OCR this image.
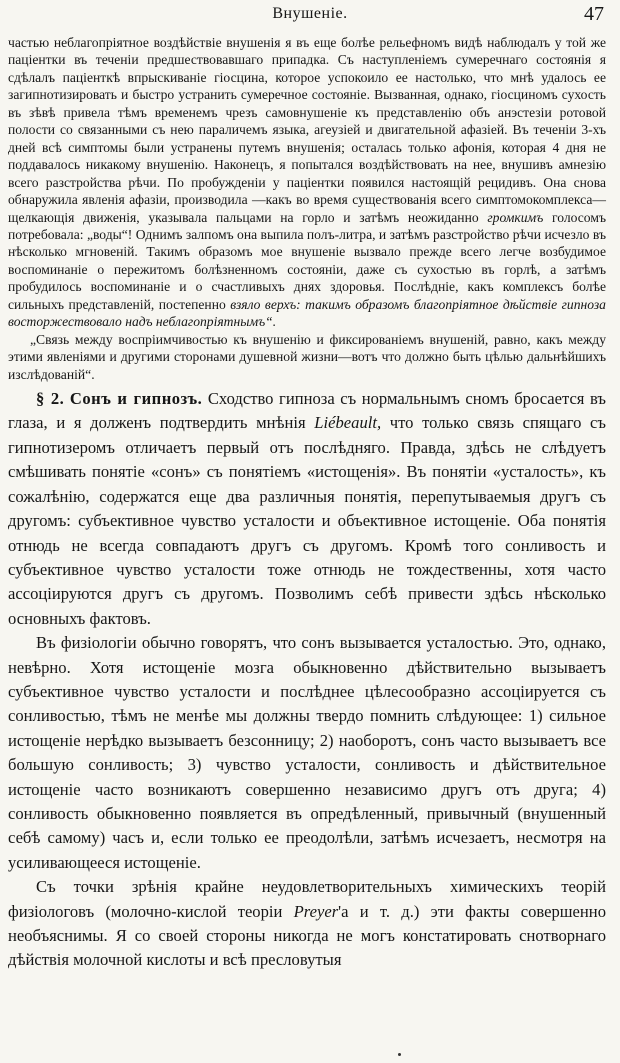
Внушеніе.	47

частью неблагопріятное воздѣйствіе внушенія я въ еще болѣе рельефномъ видѣ наблюдалъ у той же паціентки въ теченіи предшествовавшаго припадка. Съ наступленіемъ сумеречнаго состоянія я сдѣлалъ паціенткѣ впрыскиваніе гіосцина, которое успокоило ее настолько, что мнѣ удалось ее загипнотизировать и быстро устранить сумеречное состояніе. Вызванная, однако, гіосциномъ сухость въ зѣвѣ привела тѣмъ временемъ чрезъ самовнушеніе къ представленію объ анэстезіи ротовой полости со связанными съ нею параличемъ языка, агеузіей и двигательной афазіей. Въ теченіи 3-хъ дней всѣ симптомы были устранены путемъ внушенія; осталась только афонія, которая 4 дня не поддавалось никакому внушенію. Наконецъ, я попытался воздѣйствовать на нее, внушивъ амнезію всего разстройства рѣчи. По пробужденіи у паціентки появился настоящій рецидивъ. Она снова обнаружила явленія афазіи, производила —какъ во время существованія всего симптомокомплекса—щелкающія движенія, указывала пальцами на горло и затѣмъ неожиданно громкимъ голосомъ потребовала: „воды“! Однимъ залпомъ она выпила полъ-литра, и затѣмъ разстройство рѣчи исчезло въ нѣсколько мгновеній. Такимъ образомъ мое внушеніе вызвало прежде всего легче возбудимое воспоминаніе о пережитомъ болѣзненномъ состояніи, даже съ сухостью въ горлѣ, а затѣмъ пробудилось воспоминаніе и о счастливыхъ днях здоровья. Послѣдніе, какъ комплексъ болѣе сильныхъ представленій, постепенно взяло верхъ: такимъ образомъ благопріятное дѣйствіе гипноза восторжествовало надъ неблагопріятнымъ“.

„Связь между воспріимчивостью къ внушенію и фиксированіемъ внушеній, равно, какъ между этими явленіями и другими сторонами душевной жизни—вотъ что должно быть цѣлью дальнѣйшихъ изслѣдованій“.

§ 2. Сонъ и гипнозъ. Сходство гипноза съ нормальнымъ сномъ бросается въ глаза, и я долженъ подтвердить мнѣнія Liébeault, что только связь спящаго съ гипнотизеромъ отличаетъ первый отъ послѣдняго. Правда, здѣсь не слѣдуетъ смѣшивать понятіе «сонъ» съ понятіемъ «истощенія». Въ понятіи «усталость», къ сожалѣнію, содержатся еще два различныя понятія, перепутываемыя другъ съ другомъ: субъективное чувство усталости и объективное истощеніе. Оба понятія отнюдь не всегда совпадаютъ другъ съ другомъ. Кромѣ того сонливость и субъективное чувство усталости тоже отнюдь не тождественны, хотя часто ассоціируются другъ съ другомъ. Позволимъ себѣ привести здѣсь нѣсколько основныхъ фактовъ.

Въ физіологіи обычно говорятъ, что сонъ вызывается усталостью. Это, однако, невѣрно. Хотя истощеніе мозга обыкновенно дѣйствительно вызываетъ субъективное чувство усталости и послѣднее цѣлесообразно ассоціируется съ сонливостью, тѣмъ не менѣе мы должны твердо помнить слѣдующее: 1) сильное истощеніе нерѣдко вызываетъ безсонницу; 2) наоборотъ, сонъ часто вызываетъ все большую сонливость; 3) чувство усталости, сонливость и дѣйствительное истощеніе часто возникаютъ совершенно независимо другъ отъ друга; 4) сонливость обыкновенно появляется въ опредѣленный, привычный (внушенный себѣ самому) часъ и, если только ее преодолѣли, затѣмъ исчезаетъ, несмотря на усиливающееся истощеніе.

Съ точки зрѣнія крайне неудовлетворительныхъ химическихъ теорій физіологовъ (молочно-кислой теоріи Preyer'а и т. д.) эти факты совершенно необъяснимы. Я со своей стороны никогда не могъ констатировать снотворнаго дѣйствія молочной кислоты и всѣ пресловутыя
